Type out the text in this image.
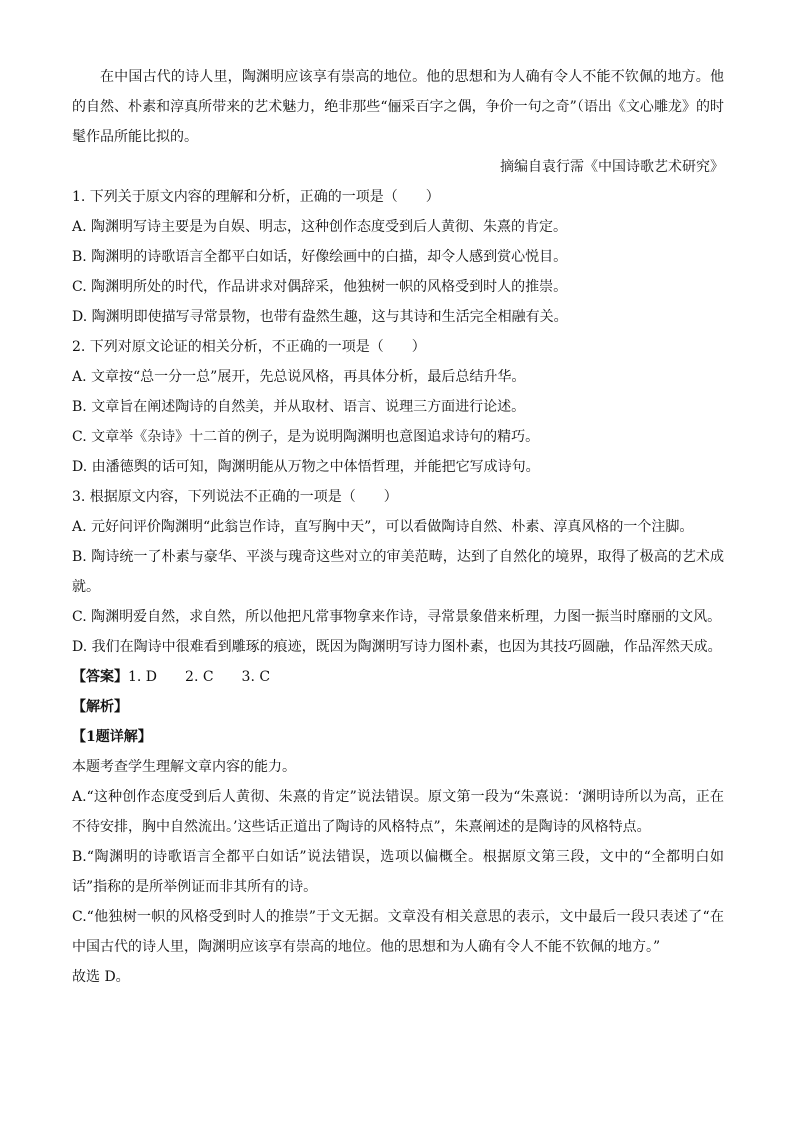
在中国古代的诗人里，陶渊明应该享有崇高的地位。他的思想和为人确有令人不能不钦佩的地方。他的自然、朴素和淳真所带来的艺术魅力，绝非那些“俪采百字之偶，争价一句之奇”（语出《文心雕龙》的时髦作品所能比拟的。

摘编自袁行霈《中国诗歌艺术研究》

1. 下列关于原文内容的理解和分析，正确的一项是（　　）

A. 陶渊明写诗主要是为自娱、明志，这种创作态度受到后人黄彻、朱熹的肯定。

B. 陶渊明的诗歌语言全都平白如话，好像绘画中的白描，却令人感到赏心悦目。

C. 陶渊明所处的时代，作品讲求对偶辞采，他独树一帜的风格受到时人的推崇。

D. 陶渊明即使描写寻常景物，也带有盎然生趣，这与其诗和生活完全相融有关。

2. 下列对原文论证的相关分析，不正确的一项是（　　）

A. 文章按“总一分一总”展开，先总说风格，再具体分析，最后总结升华。

B. 文章旨在阐述陶诗的自然美，并从取材、语言、说理三方面进行论述。

C. 文章举《杂诗》十二首的例子，是为说明陶渊明也意图追求诗句的精巧。

D. 由潘德舆的话可知，陶渊明能从万物之中体悟哲理，并能把它写成诗句。

3. 根据原文内容，下列说法不正确的一项是（　　）

A. 元好问评价陶渊明“此翁岂作诗，直写胸中天”，可以看做陶诗自然、朴素、淳真风格的一个注脚。

B. 陶诗统一了朴素与豪华、平淡与瑰奇这些对立的审美范畴，达到了自然化的境界，取得了极高的艺术成就。

C. 陶渊明爱自然，求自然，所以他把凡常事物拿来作诗，寻常景象借来析理，力图一振当时靡丽的文风。

D. 我们在陶诗中很难看到雕琢的痕迹，既因为陶渊明写诗力图朴素，也因为其技巧圆融，作品浑然天成。

【答案】1. D　　2. C　　3. C

【解析】

【1题详解】

本题考查学生理解文章内容的能力。

A.“这种创作态度受到后人黄彻、朱熹的肯定”说法错误。原文第一段为“朱熹说：‘渊明诗所以为高，正在不待安排，胸中自然流出。’这些话正道出了陶诗的风格特点”，朱熹阐述的是陶诗的风格特点。

B.“陶渊明的诗歌语言全都平白如话”说法错误，选项以偏概全。根据原文第三段，文中的“全都明白如话”指称的是所举例证而非其所有的诗。

C.“他独树一帜的风格受到时人的推崇”于文无据。文章没有相关意思的表示，文中最后一段只表述了“在中国古代的诗人里，陶渊明应该享有崇高的地位。他的思想和为人确有令人不能不钦佩的地方。”

故选 D。
